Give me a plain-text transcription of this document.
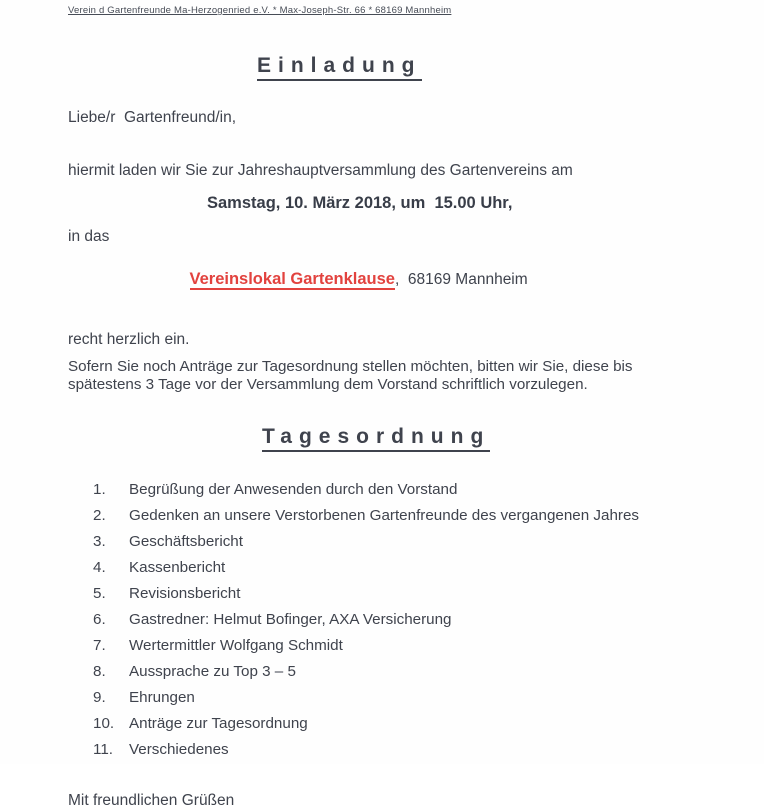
Verein d Gartenfreunde Ma-Herzogenried e.V. * Max-Joseph-Str. 66 * 68169 Mannheim
Einladung
Liebe/r  Gartenfreund/in,
hiermit laden wir Sie zur Jahreshauptversammlung des Gartenvereins am
Samstag, 10. März 2018, um  15.00 Uhr,
in das

Vereinslokal Gartenklause,  68169 Mannheim

recht herzlich ein.
Sofern Sie noch Anträge zur Tagesordnung stellen möchten, bitten wir Sie, diese bis spätestens 3 Tage vor der Versammlung dem Vorstand schriftlich vorzulegen.
Tagesordnung
1.	Begrüßung der Anwesenden durch den Vorstand
2.	Gedenken an unsere Verstorbenen Gartenfreunde des vergangenen Jahres
3.	Geschäftsbericht
4.	Kassenbericht
5.	Revisionsbericht
6.	Gastredner: Helmut Bofinger, AXA Versicherung
7.	Wertermittler Wolfgang Schmidt
8.	Aussprache zu Top 3 – 5
9.	Ehrungen
10. Anträge zur Tagesordnung
11.	Verschiedenes
Mit freundlichen Grüßen
